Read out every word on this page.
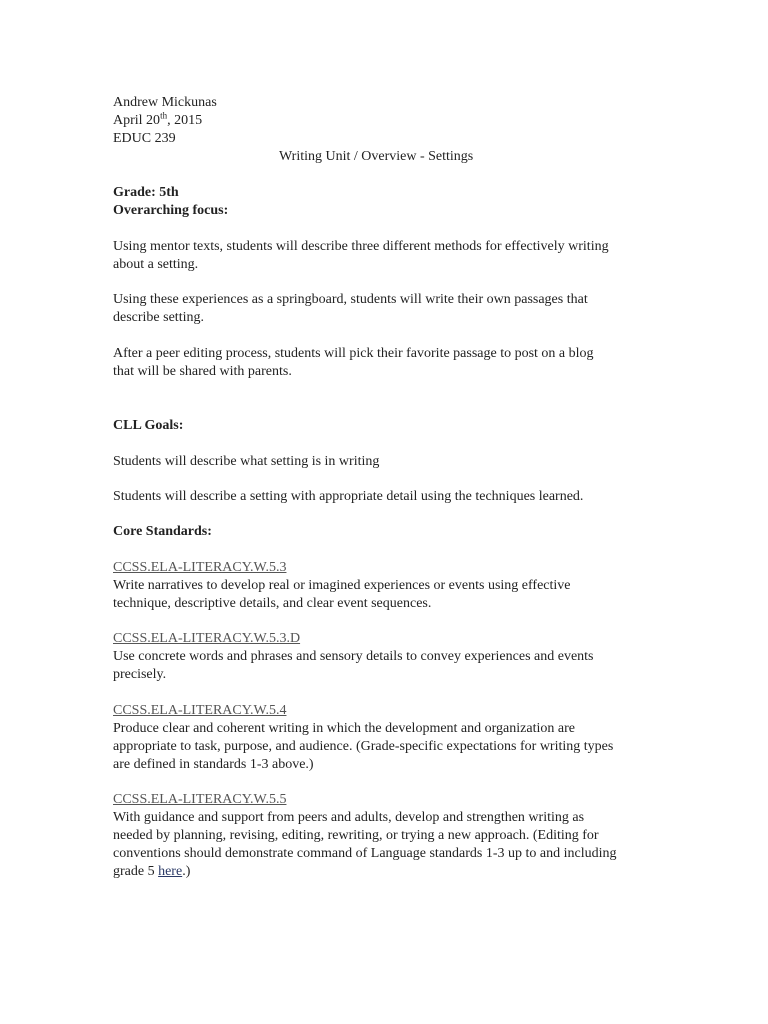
Andrew Mickunas
April 20th, 2015
EDUC 239
Writing Unit / Overview - Settings
Grade: 5th
Overarching focus:
Using mentor texts, students will describe three different methods for effectively writing
about a setting.
Using these experiences as a springboard, students will write their own passages that
describe setting.
After a peer editing process, students will pick their favorite passage to post on a blog
that will be shared with parents.
CLL Goals:
Students will describe what setting is in writing
Students will describe a setting with appropriate detail using the techniques learned.
Core Standards:
CCSS.ELA-LITERACY.W.5.3
Write narratives to develop real or imagined experiences or events using effective
technique, descriptive details, and clear event sequences.
CCSS.ELA-LITERACY.W.5.3.D
Use concrete words and phrases and sensory details to convey experiences and events
precisely.
CCSS.ELA-LITERACY.W.5.4
Produce clear and coherent writing in which the development and organization are
appropriate to task, purpose, and audience. (Grade-specific expectations for writing types
are defined in standards 1-3 above.)
CCSS.ELA-LITERACY.W.5.5
With guidance and support from peers and adults, develop and strengthen writing as
needed by planning, revising, editing, rewriting, or trying a new approach. (Editing for
conventions should demonstrate command of Language standards 1-3 up to and including
grade 5 here.)
